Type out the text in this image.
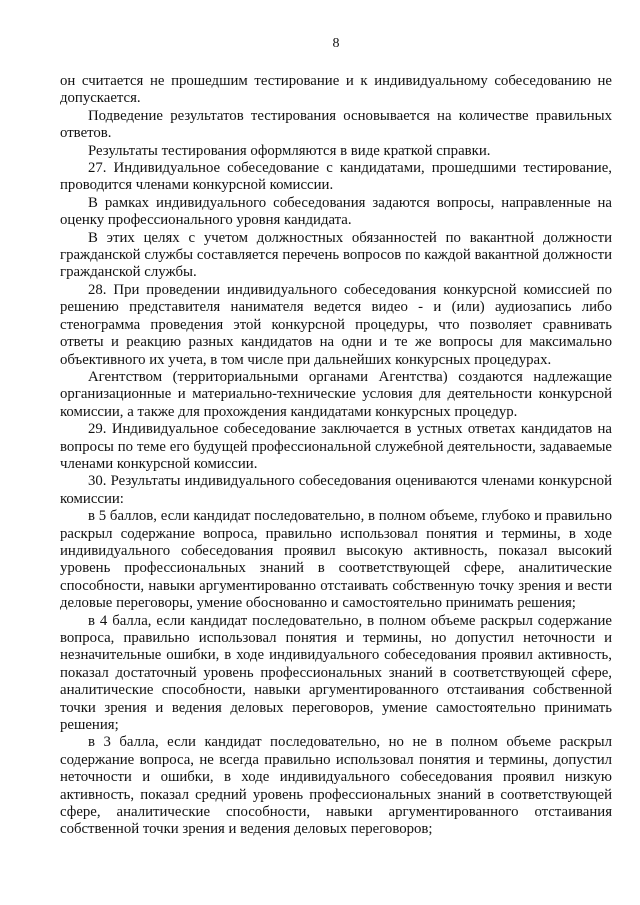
8

он считается не прошедшим тестирование и к индивидуальному собеседованию не допускается.

Подведение результатов тестирования основывается на количестве правильных ответов.

Результаты тестирования оформляются в виде краткой справки.

27. Индивидуальное собеседование с кандидатами, прошедшими тестирование, проводится членами конкурсной комиссии.

В рамках индивидуального собеседования задаются вопросы, направленные на оценку профессионального уровня кандидата.

В этих целях с учетом должностных обязанностей по вакантной должности гражданской службы составляется перечень вопросов по каждой вакантной должности гражданской службы.

28. При проведении индивидуального собеседования конкурсной комиссией по решению представителя нанимателя ведется видео - и (или) аудиозапись либо стенограмма проведения этой конкурсной процедуры, что позволяет сравнивать ответы и реакцию разных кандидатов на одни и те же вопросы для максимально объективного их учета, в том числе при дальнейших конкурсных процедурах.

Агентством (территориальными органами Агентства) создаются надлежащие организационные и материально-технические условия для деятельности конкурсной комиссии, а также для прохождения кандидатами конкурсных процедур.

29. Индивидуальное собеседование заключается в устных ответах кандидатов на вопросы по теме его будущей профессиональной служебной деятельности, задаваемые членами конкурсной комиссии.

30. Результаты индивидуального собеседования оцениваются членами конкурсной комиссии:

в 5 баллов, если кандидат последовательно, в полном объеме, глубоко и правильно раскрыл содержание вопроса, правильно использовал понятия и термины, в ходе индивидуального собеседования проявил высокую активность, показал высокий уровень профессиональных знаний в соответствующей сфере, аналитические способности, навыки аргументированно отстаивать собственную точку зрения и вести деловые переговоры, умение обоснованно и самостоятельно принимать решения;

в 4 балла, если кандидат последовательно, в полном объеме раскрыл содержание вопроса, правильно использовал понятия и термины, но допустил неточности и незначительные ошибки, в ходе индивидуального собеседования проявил активность, показал достаточный уровень профессиональных знаний в соответствующей сфере, аналитические способности, навыки аргументированного отстаивания собственной точки зрения и ведения деловых переговоров, умение самостоятельно принимать решения;

в 3 балла, если кандидат последовательно, но не в полном объеме раскрыл содержание вопроса, не всегда правильно использовал понятия и термины, допустил неточности и ошибки, в ходе индивидуального собеседования проявил низкую активность, показал средний уровень профессиональных знаний в соответствующей сфере, аналитические способности, навыки аргументированного отстаивания собственной точки зрения и ведения деловых переговоров;
